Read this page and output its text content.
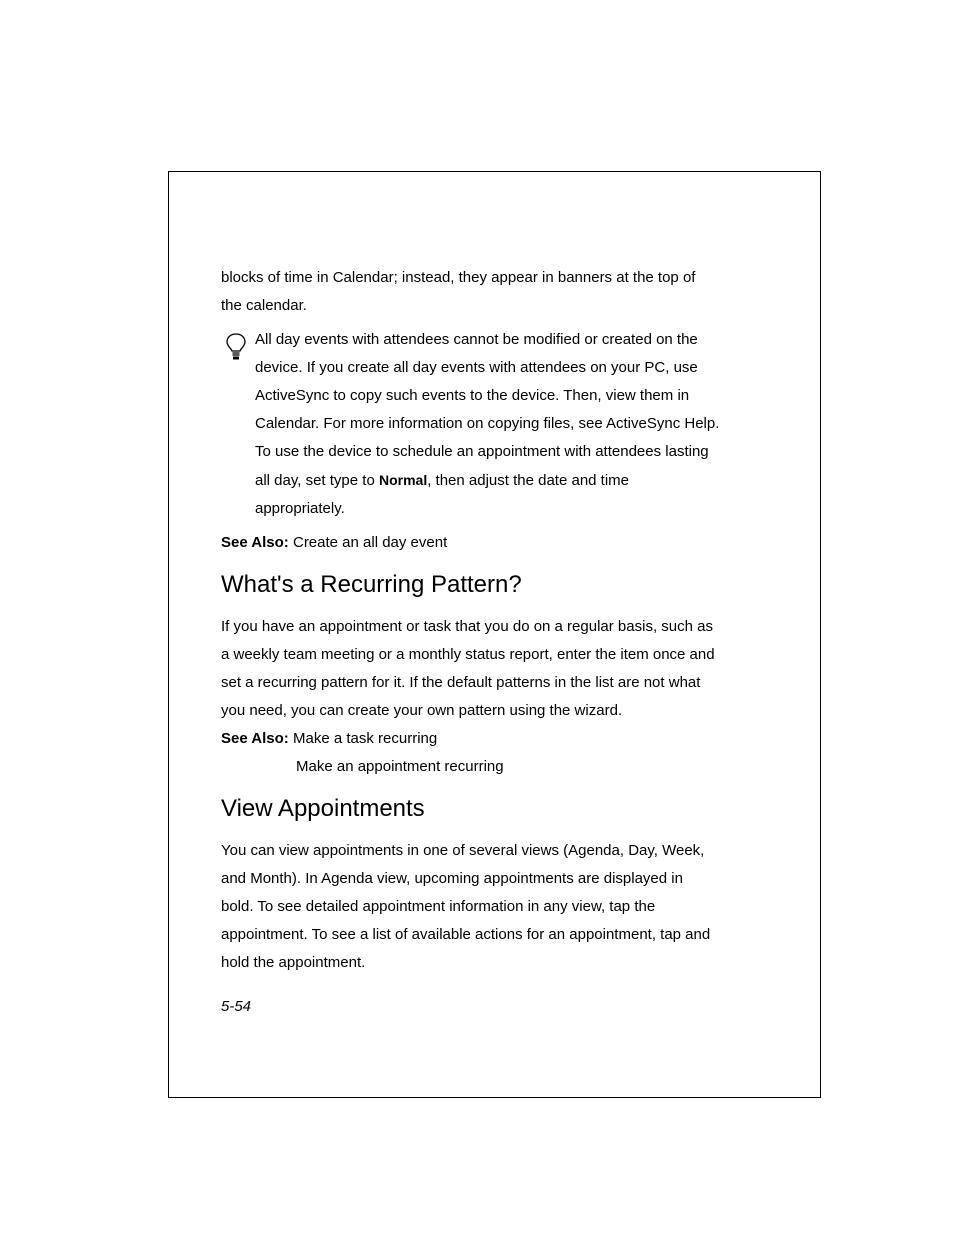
blocks of time in Calendar; instead, they appear in banners at the top of

the calendar.

All day events with attendees cannot be modified or created on the

device. If you create all day events with attendees on your PC, use

ActiveSync to copy such events to the device. Then, view them in

Calendar. For more information on copying files, see ActiveSync Help.

To use the device to schedule an appointment with attendees lasting

all day, set type to Normal, then adjust the date and time

appropriately.

See Also: Create an all day event

What's a Recurring Pattern?

If you have an appointment or task that you do on a regular basis, such as

a weekly team meeting or a monthly status report, enter the item once and

set a recurring pattern for it. If the default patterns in the list are not what

you need, you can create your own pattern using the wizard.

See Also: Make a task recurring

Make an appointment recurring

View Appointments

You can view appointments in one of several views (Agenda, Day, Week,

and Month). In Agenda view, upcoming appointments are displayed in

bold. To see detailed appointment information in any view, tap the

appointment. To see a list of available actions for an appointment, tap and

hold the appointment.

5-54
